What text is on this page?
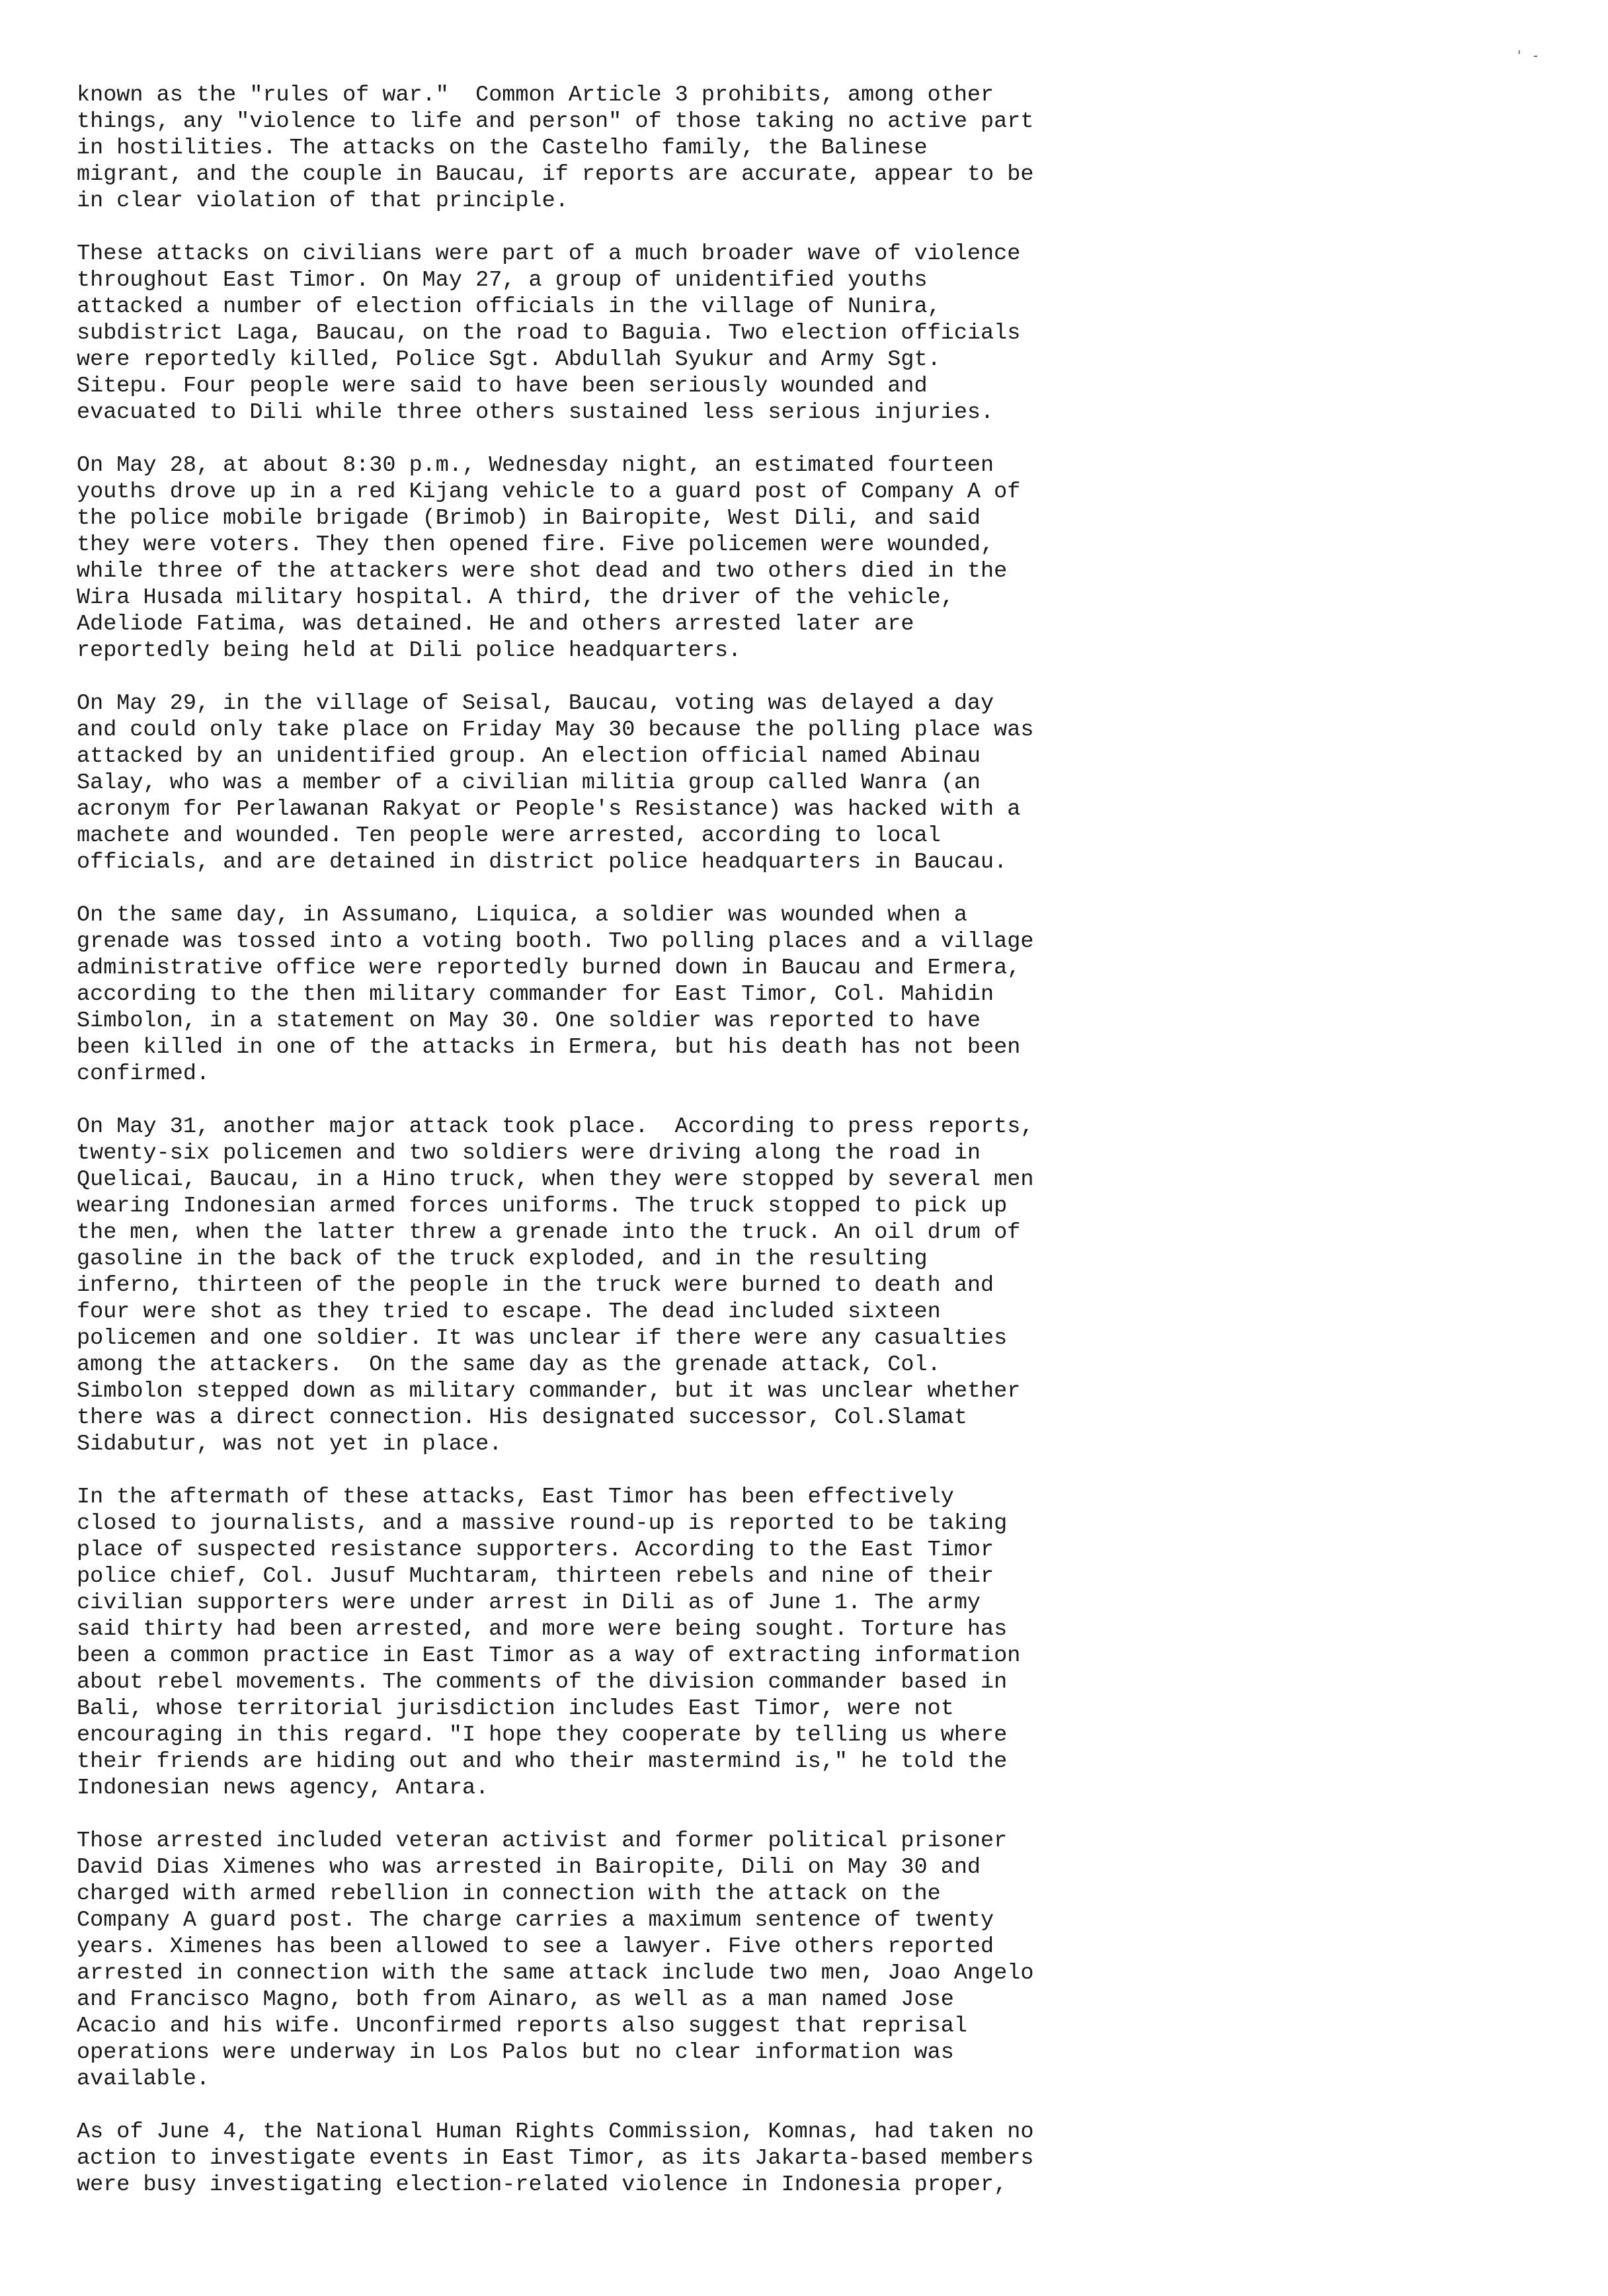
' -

known as the "rules of war."  Common Article 3 prohibits, among other
things, any "violence to life and person" of those taking no active part
in hostilities. The attacks on the Castelho family, the Balinese
migrant, and the couple in Baucau, if reports are accurate, appear to be
in clear violation of that principle.

These attacks on civilians were part of a much broader wave of violence
throughout East Timor. On May 27, a group of unidentified youths
attacked a number of election officials in the village of Nunira,
subdistrict Laga, Baucau, on the road to Baguia. Two election officials
were reportedly killed, Police Sgt. Abdullah Syukur and Army Sgt.
Sitepu. Four people were said to have been seriously wounded and
evacuated to Dili while three others sustained less serious injuries.

On May 28, at about 8:30 p.m., Wednesday night, an estimated fourteen
youths drove up in a red Kijang vehicle to a guard post of Company A of
the police mobile brigade (Brimob) in Bairopite, West Dili, and said
they were voters. They then opened fire. Five policemen were wounded,
while three of the attackers were shot dead and two others died in the
Wira Husada military hospital. A third, the driver of the vehicle,
Adeliode Fatima, was detained. He and others arrested later are
reportedly being held at Dili police headquarters.

On May 29, in the village of Seisal, Baucau, voting was delayed a day
and could only take place on Friday May 30 because the polling place was
attacked by an unidentified group. An election official named Abinau
Salay, who was a member of a civilian militia group called Wanra (an
acronym for Perlawanan Rakyat or People's Resistance) was hacked with a
machete and wounded. Ten people were arrested, according to local
officials, and are detained in district police headquarters in Baucau.

On the same day, in Assumano, Liquica, a soldier was wounded when a
grenade was tossed into a voting booth. Two polling places and a village
administrative office were reportedly burned down in Baucau and Ermera,
according to the then military commander for East Timor, Col. Mahidin
Simbolon, in a statement on May 30. One soldier was reported to have
been killed in one of the attacks in Ermera, but his death has not been
confirmed.

On May 31, another major attack took place.  According to press reports,
twenty-six policemen and two soldiers were driving along the road in
Quelicai, Baucau, in a Hino truck, when they were stopped by several men
wearing Indonesian armed forces uniforms. The truck stopped to pick up
the men, when the latter threw a grenade into the truck. An oil drum of
gasoline in the back of the truck exploded, and in the resulting
inferno, thirteen of the people in the truck were burned to death and
four were shot as they tried to escape. The dead included sixteen
policemen and one soldier. It was unclear if there were any casualties
among the attackers.  On the same day as the grenade attack, Col.
Simbolon stepped down as military commander, but it was unclear whether
there was a direct connection. His designated successor, Col.Slamat
Sidabutur, was not yet in place.

In the aftermath of these attacks, East Timor has been effectively
closed to journalists, and a massive round-up is reported to be taking
place of suspected resistance supporters. According to the East Timor
police chief, Col. Jusuf Muchtaram, thirteen rebels and nine of their
civilian supporters were under arrest in Dili as of June 1. The army
said thirty had been arrested, and more were being sought. Torture has
been a common practice in East Timor as a way of extracting information
about rebel movements. The comments of the division commander based in
Bali, whose territorial jurisdiction includes East Timor, were not
encouraging in this regard. "I hope they cooperate by telling us where
their friends are hiding out and who their mastermind is," he told the
Indonesian news agency, Antara.

Those arrested included veteran activist and former political prisoner
David Dias Ximenes who was arrested in Bairopite, Dili on May 30 and
charged with armed rebellion in connection with the attack on the
Company A guard post. The charge carries a maximum sentence of twenty
years. Ximenes has been allowed to see a lawyer. Five others reported
arrested in connection with the same attack include two men, Joao Angelo
and Francisco Magno, both from Ainaro, as well as a man named Jose
Acacio and his wife. Unconfirmed reports also suggest that reprisal
operations were underway in Los Palos but no clear information was
available.

As of June 4, the National Human Rights Commission, Komnas, had taken no
action to investigate events in East Timor, as its Jakarta-based members
were busy investigating election-related violence in Indonesia proper,
